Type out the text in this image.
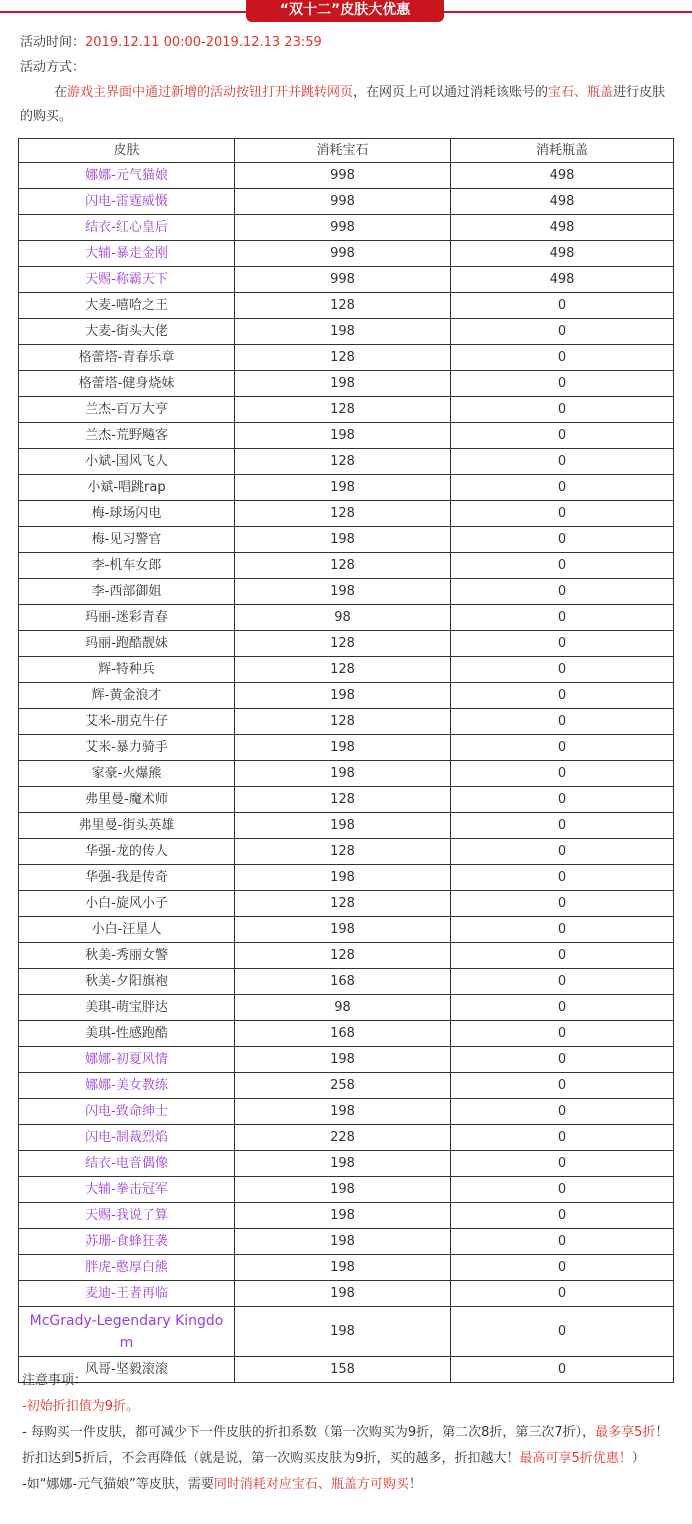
“双十二”皮肤大优惠
活动时间：2019.12.11 00:00-2019.12.13 23:59
活动方式：
在游戏主界面中通过新增的活动按钮打开并跳转网页，在网页上可以通过消耗该账号的宝石、瓶盖进行皮肤的购买。
皮肤	消耗宝石	消耗瓶盖
娜娜-元气猫娘	998	498
闪电-雷霆威慑	998	498
结衣-红心皇后	998	498
大辅-暴走金刚	998	498
天赐-称霸天下	998	498
大麦-嘻哈之王	128	0
大麦-街头大佬	198	0
格蕾塔-青春乐章	128	0
格蕾塔-健身烧妹	198	0
兰杰-百万大亨	128	0
兰杰-荒野飚客	198	0
小斌-国风飞人	128	0
小斌-唱跳rap	198	0
梅-球场闪电	128	0
梅-见习警官	198	0
李-机车女郎	128	0
李-西部御姐	198	0
玛丽-迷彩青春	98	0
玛丽-跑酷靓妹	128	0
辉-特种兵	128	0
辉-黄金浪才	198	0
艾米-朋克牛仔	128	0
艾米-暴力骑手	198	0
家豪-火爆熊	198	0
弗里曼-魔术师	128	0
弗里曼-街头英雄	198	0
华强-龙的传人	128	0
华强-我是传奇	198	0
小白-旋风小子	128	0
小白-汪星人	198	0
秋美-秀丽女警	128	0
秋美-夕阳旗袍	168	0
美琪-萌宝胖达	98	0
美琪-性感跑酷	168	0
娜娜-初夏风情	198	0
娜娜-美女教练	258	0
闪电-致命绅士	198	0
闪电-制裁烈焰	228	0
结衣-电音偶像	198	0
大辅-拳击冠军	198	0
天赐-我说了算	198	0
苏珊-食蜂狂袭	198	0
胖虎-憨厚白熊	198	0
麦迪-王者再临	198	0
McGrady-Legendary Kingdom	198	0
风哥-坚毅滚滚	158	0
注意事项：
-初始折扣值为9折。
- 每购买一件皮肤，都可减少下一件皮肤的折扣系数（第一次购买为9折，第二次8折，第三次7折），最多享5折！折扣达到5折后，不会再降低（就是说，第一次购买皮肤为9折，买的越多，折扣越大！最高可享5折优惠！）
-如“娜娜-元气猫娘”等皮肤，需要同时消耗对应宝石、瓶盖方可购买！
